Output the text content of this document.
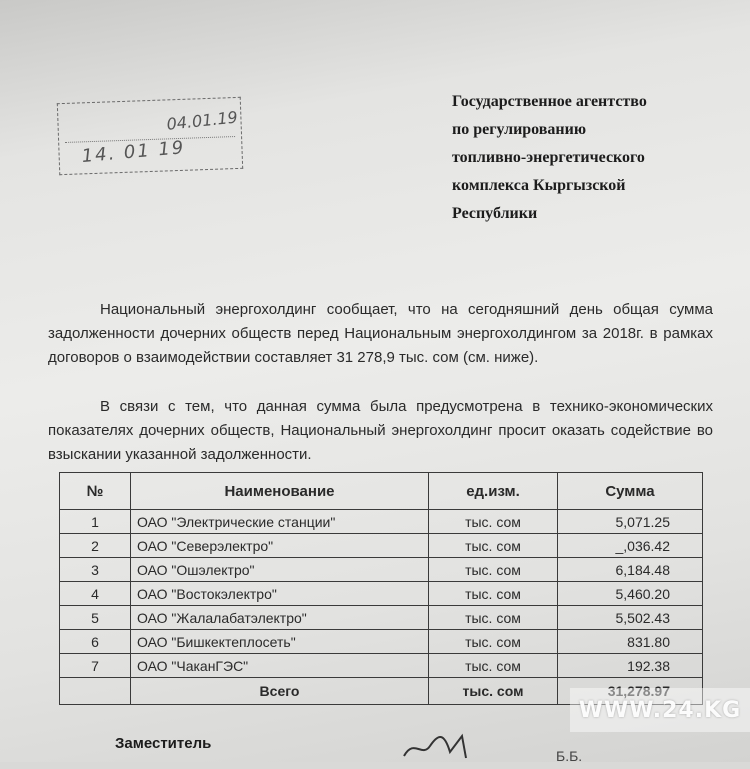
04.01.19
14. 01 19
Государственное агентство
по регулированию
топливно-энергетического
комплекса Кыргызской
Республики

Национальный энергохолдинг сообщает, что на сегодняшний день общая сумма задолженности дочерних обществ перед Национальным энергохолдингом за 2018г. в рамках договоров о взаимодействии составляет 31 278,9 тыс. сом (см. ниже).

В связи с тем, что данная сумма была предусмотрена в технико-экономических показателях дочерних обществ, Национальный энергохолдинг просит оказать содействие во взыскании указанной задолженности.

№	Наименование	ед.изм.	Сумма
1	ОАО "Электрические станции"	тыс. сом	5,071.25
2	ОАО "Северэлектро"	тыс. сом	_,036.42
3	ОАО "Ошэлектро"	тыс. сом	6,184.48
4	ОАО "Востокэлектро"	тыс. сом	5,460.20
5	ОАО "Жалалабатэлектро"	тыс. сом	5,502.43
6	ОАО "Бишкектеплосеть"	тыс. сом	831.80
7	ОАО "ЧаканГЭС"	тыс. сом	192.38
	Всего	тыс. сом	31,278.97
Заместитель
Б.Б.
WWW.24.KG
